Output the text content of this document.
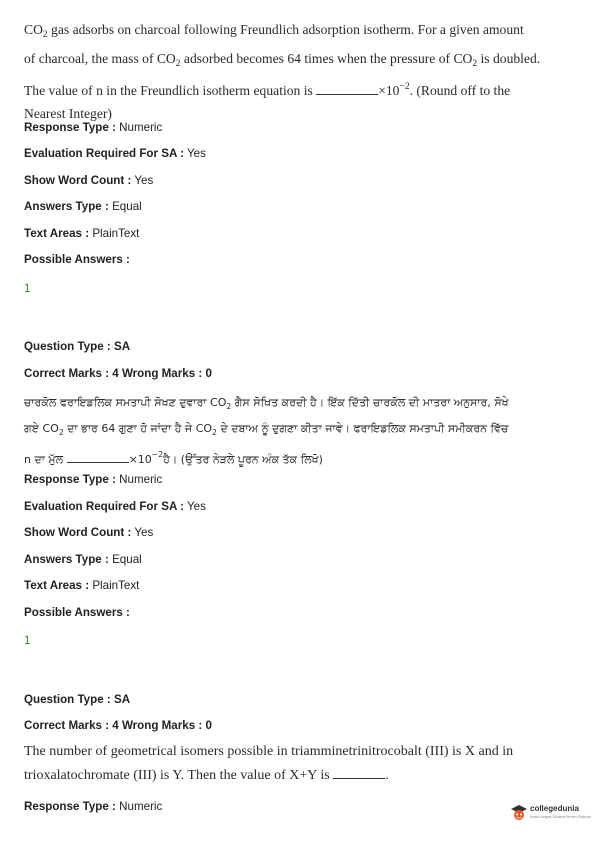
$CO_2$ gas adsorbs on charcoal following Freundlich adsorption isotherm. For a given amount
of charcoal, the mass of $CO_2$ adsorbed becomes 64 times when the pressure of $CO_2$ is doubled.
The value of n in the Freundlich isotherm equation is	$\times 10^{-2}$. (Round off to the
Nearest Integer)
Response Type : Numeric
Evaluation Required For SA : Yes
Show Word Count : Yes
Answers Type : Equal
Text Areas : PlainText
Possible Answers :
1
Question Type : SA
Correct Marks : 4 Wrong Marks : 0
ਚਾਰਕੋਲ ਫਰਾਇਡਲਿਕ ਸਮਤਾਪੀ ਸੋਖਣ ਦੁਵਾਰਾ $CO_2$ ਗੈਸ ਸੋਖਿਤ ਕਰਦੀ ਹੈ। ਇੱਕ ਦਿੱਤੀ ਚਾਰਕੋਲ ਦੀ ਮਾਤਰਾ ਅਨੁਸਾਰ, ਸੋਖੇ
ਗਏ $CO_2$ ਦਾ ਭਾਰ 64 ਗੁਣਾ ਹੋ ਜਾਂਦਾ ਹੈ ਜੇ $CO_2$ ਦੇ ਦਬਾਅ ਨੂੰ ਦੁਗਣਾ ਕੀਤਾ ਜਾਵੇ। ਫਰਾਇਡਲਿਕ ਸਮਤਾਪੀ ਸਮੀਕਰਨ ਵਿੱਚ
n ਦਾ ਮੁੱਲ	$\times 10^{-2}ਹੈ।$ (ਉੱਤਰ ਨੇੜਲੇ ਪੂਰਨ ਅੰਕ ਤੱਕ ਲਿਖੋ)
Response Type : Numeric
Evaluation Required For SA : Yes
Show Word Count : Yes
Answers Type : Equal
Text Areas : PlainText
Possible Answers :
1
Question Type : SA
Correct Marks : 4 Wrong Marks : 0
The number of geometrical isomers possible in triamminetrinitrocobalt (III) is X and in
trioxalatochromate (III) is Y. Then the value of X+Y is	.
Response Type : Numeric	collegedunia
India's largest Student Review Platform
